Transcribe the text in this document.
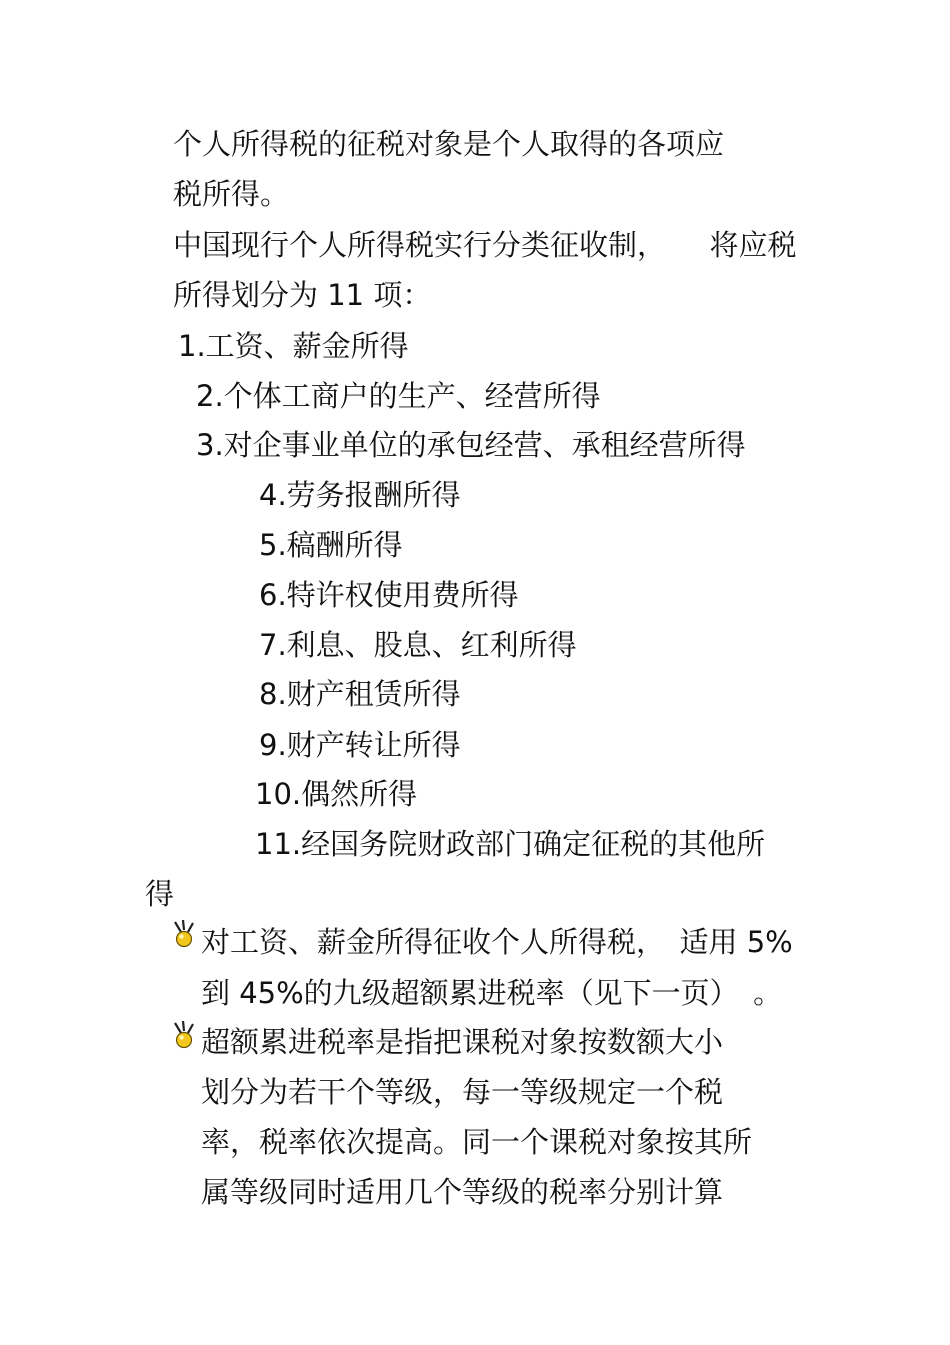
个人所得税的征税对象是个人取得的各项应
税所得。
中国现行个人所得税实行分类征收制，　　将应税
所得划分为 11 项：
1.工资、薪金所得
2.个体工商户的生产、经营所得
3.对企事业单位的承包经营、承租经营所得
4.劳务报酬所得
5.稿酬所得
6.特许权使用费所得
7.利息、股息、红利所得
8.财产租赁所得
9.财产转让所得
10.偶然所得
11.经国务院财政部门确定征税的其他所
得
对工资、薪金所得征收个人所得税，　适用 5%
到 45%的九级超额累进税率（见下一页）　。
超额累进税率是指把课税对象按数额大小
划分为若干个等级，每一等级规定一个税
率，税率依次提高。同一个课税对象按其所
属等级同时适用几个等级的税率分别计算
